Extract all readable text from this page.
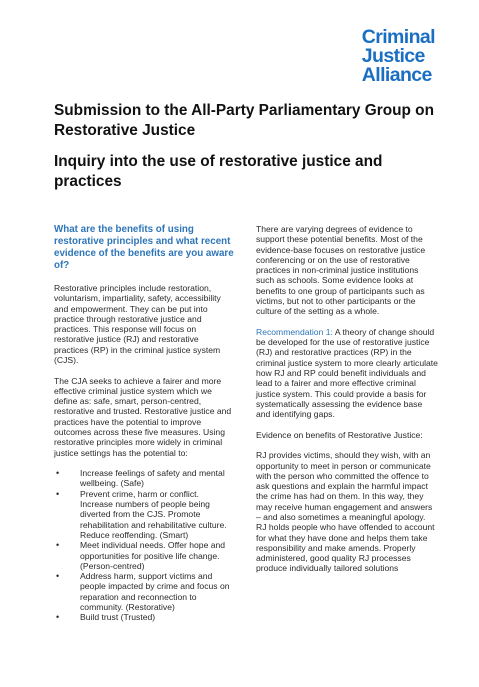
Criminal
Justice
Alliance
Submission to the All-Party Parliamentary Group on Restorative Justice
Inquiry into the use of restorative justice and practices
What are the benefits of using restorative principles and what recent evidence of the benefits are you aware of?

Restorative principles include restoration, voluntarism, impartiality, safety, accessibility and empowerment. They can be put into practice through restorative justice and practices. This response will focus on restorative justice (RJ) and restorative practices (RP) in the criminal justice system (CJS).

The CJA seeks to achieve a fairer and more effective criminal justice system which we define as: safe, smart, person-centred, restorative and trusted. Restorative justice and practices have the potential to improve outcomes across these five measures. Using restorative principles more widely in criminal justice settings has the potential to:

• Increase feelings of safety and mental wellbeing. (Safe)
• Prevent crime, harm or conflict. Increase numbers of people being diverted from the CJS. Promote rehabilitation and rehabilitative culture. Reduce reoffending. (Smart)
• Meet individual needs. Offer hope and opportunities for positive life change. (Person-centred)
• Address harm, support victims and people impacted by crime and focus on reparation and reconnection to community. (Restorative)
• Build trust (Trusted)

There are varying degrees of evidence to support these potential benefits. Most of the evidence-base focuses on restorative justice conferencing or on the use of restorative practices in non-criminal justice institutions such as schools. Some evidence looks at benefits to one group of participants such as victims, but not to other participants or the culture of the setting as a whole.

Recommendation 1: A theory of change should be developed for the use of restorative justice (RJ) and restorative practices (RP) in the criminal justice system to more clearly articulate how RJ and RP could benefit individuals and lead to a fairer and more effective criminal justice system. This could provide a basis for systematically assessing the evidence base and identifying gaps.

Evidence on benefits of Restorative Justice:

RJ provides victims, should they wish, with an opportunity to meet in person or communicate with the person who committed the offence to ask questions and explain the harmful impact the crime has had on them. In this way, they may receive human engagement and answers – and also sometimes a meaningful apology. RJ holds people who have offended to account for what they have done and helps them take responsibility and make amends. Properly administered, good quality RJ processes produce individually tailored solutions
